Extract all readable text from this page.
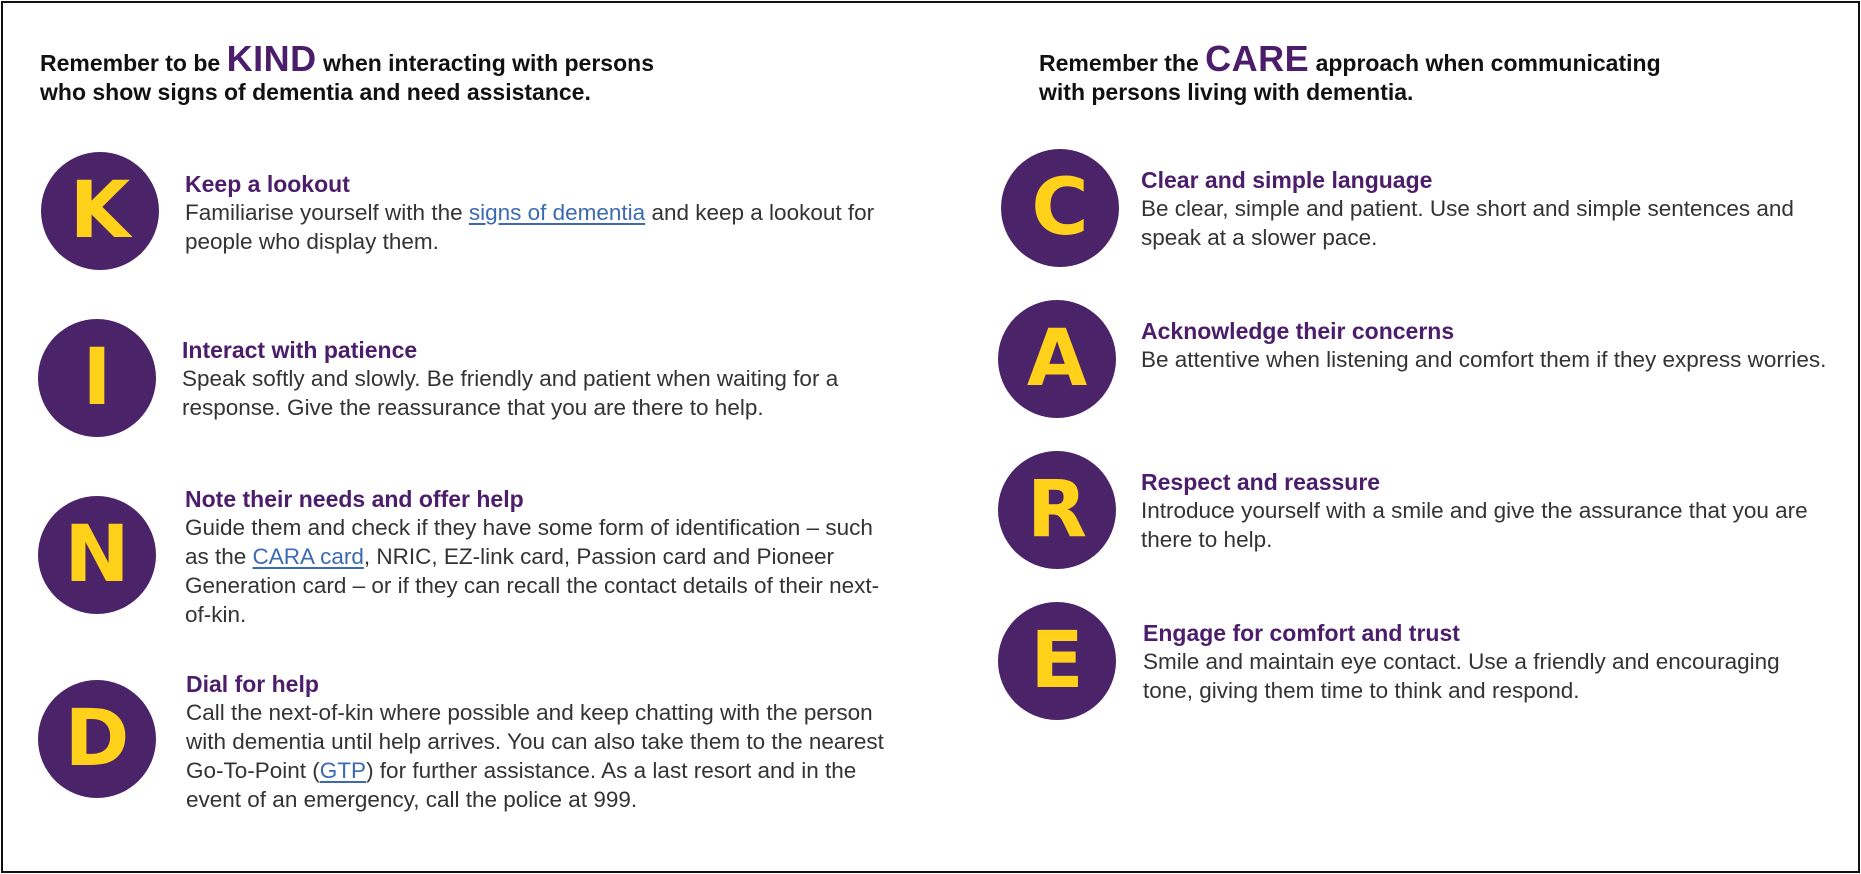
Remember to be KIND when interacting with persons
who show signs of dementia and need assistance.
K	Keep a lookout
Familiarise yourself with the signs of dementia and keep a lookout for people who display them.
I	Interact with patience
Speak softly and slowly. Be friendly and patient when waiting for a response. Give the reassurance that you are there to help.
N
Note their needs and offer help
Guide them and check if they have some form of identification – such as the CARA card, NRIC, EZ-link card, Passion card and Pioneer Generation card – or if they can recall the contact details of their next-of-kin.
D
Dial for help
Call the next-of-kin where possible and keep chatting with the person with dementia until help arrives. You can also take them to the nearest Go-To-Point (GTP) for further assistance. As a last resort and in the event of an emergency, call the police at 999.
Remember the CARE approach when communicating
with persons living with dementia.
C	Clear and simple language
Be clear, simple and patient. Use short and simple sentences and speak at a slower pace.
A	Acknowledge their concerns
Be attentive when listening and comfort them if they express worries.
R	Respect and reassure
Introduce yourself with a smile and give the assurance that you are there to help.
E	Engage for comfort and trust
Smile and maintain eye contact. Use a friendly and encouraging tone, giving them time to think and respond.
